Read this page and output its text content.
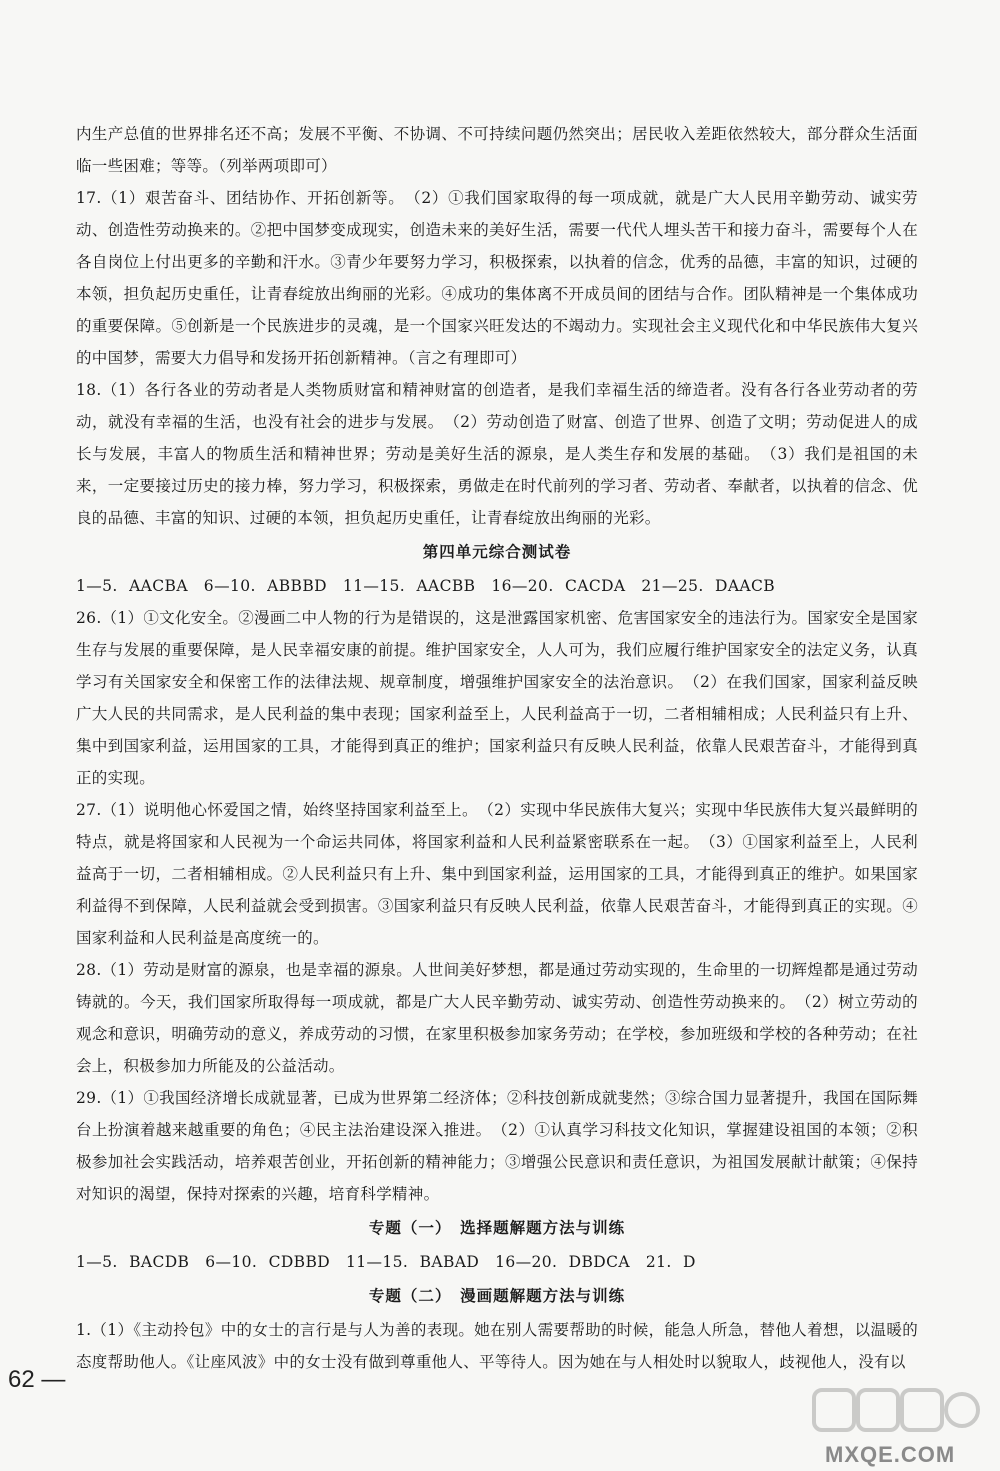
内生产总值的世界排名还不高；发展不平衡、不协调、不可持续问题仍然突出；居民收入差距依然较大，部分群众生活面临一些困难；等等。（列举两项即可）

17.（1）艰苦奋斗、团结协作、开拓创新等。　（2）①我们国家取得的每一项成就，就是广大人民用辛勤劳动、诚实劳动、创造性劳动换来的。②把中国梦变成现实，创造未来的美好生活，需要一代代人埋头苦干和接力奋斗，需要每个人在各自岗位上付出更多的辛勤和汗水。③青少年要努力学习，积极探索，以执着的信念，优秀的品德，丰富的知识，过硬的本领，担负起历史重任，让青春绽放出绚丽的光彩。④成功的集体离不开成员间的团结与合作。团队精神是一个集体成功的重要保障。⑤创新是一个民族进步的灵魂，是一个国家兴旺发达的不竭动力。实现社会主义现代化和中华民族伟大复兴的中国梦，需要大力倡导和发扬开拓创新精神。（言之有理即可）

18.（1）各行各业的劳动者是人类物质财富和精神财富的创造者，是我们幸福生活的缔造者。没有各行各业劳动者的劳动，就没有幸福的生活，也没有社会的进步与发展。　（2）劳动创造了财富、创造了世界、创造了文明；劳动促进人的成长与发展，丰富人的物质生活和精神世界；劳动是美好生活的源泉，是人类生存和发展的基础。　（3）我们是祖国的未来，一定要接过历史的接力棒，努力学习，积极探索，勇做走在时代前列的学习者、劳动者、奉献者，以执着的信念、优良的品德、丰富的知识、过硬的本领，担负起历史重任，让青春绽放出绚丽的光彩。

第四单元综合测试卷
1—5. AACBA　6—10. ABBBD　11—15. AACBB　16—20. CACDA　21—25. DAACB

26.（1）①文化安全。②漫画二中人物的行为是错误的，这是泄露国家机密、危害国家安全的违法行为。国家安全是国家生存与发展的重要保障，是人民幸福安康的前提。维护国家安全，人人可为，我们应履行维护国家安全的法定义务，认真学习有关国家安全和保密工作的法律法规、规章制度，增强维护国家安全的法治意识。　（2）在我们国家，国家利益反映广大人民的共同需求，是人民利益的集中表现；国家利益至上，人民利益高于一切，二者相辅相成；人民利益只有上升、集中到国家利益，运用国家的工具，才能得到真正的维护；国家利益只有反映人民利益，依靠人民艰苦奋斗，才能得到真正的实现。

27.（1）说明他心怀爱国之情，始终坚持国家利益至上。　（2）实现中华民族伟大复兴；实现中华民族伟大复兴最鲜明的特点，就是将国家和人民视为一个命运共同体，将国家利益和人民利益紧密联系在一起。　（3）①国家利益至上，人民利益高于一切，二者相辅相成。②人民利益只有上升、集中到国家利益，运用国家的工具，才能得到真正的维护。如果国家利益得不到保障，人民利益就会受到损害。③国家利益只有反映人民利益，依靠人民艰苦奋斗，才能得到真正的实现。④国家利益和人民利益是高度统一的。

28.（1）劳动是财富的源泉，也是幸福的源泉。人世间美好梦想，都是通过劳动实现的，生命里的一切辉煌都是通过劳动铸就的。今天，我们国家所取得每一项成就，都是广大人民辛勤劳动、诚实劳动、创造性劳动换来的。　（2）树立劳动的观念和意识，明确劳动的意义，养成劳动的习惯，在家里积极参加家务劳动；在学校，参加班级和学校的各种劳动；在社会上，积极参加力所能及的公益活动。

29.（1）①我国经济增长成就显著，已成为世界第二经济体；②科技创新成就斐然；③综合国力显著提升，我国在国际舞台上扮演着越来越重要的角色；④民主法治建设深入推进。　（2）①认真学习科技文化知识，掌握建设祖国的本领；②积极参加社会实践活动，培养艰苦创业，开拓创新的精神能力；③增强公民意识和责任意识，为祖国发展献计献策；④保持对知识的渴望，保持对探索的兴趣，培育科学精神。

专题（一）　选择题解题方法与训练
1—5. BACDB　6—10. CDBBD　11—15. BABAD　16—20. DBDCA　21. D
专题（二）　漫画题解题方法与训练

1.（1）《主动拎包》中的女士的言行是与人为善的表现。她在别人需要帮助的时候，能急人所急，替他人着想，以温暖的态度帮助他人。《让座风波》中的女士没有做到尊重他人、平等待人。因为她在与人相处时以貌取人，歧视他人，没有以

62 —
MXQE.COM
